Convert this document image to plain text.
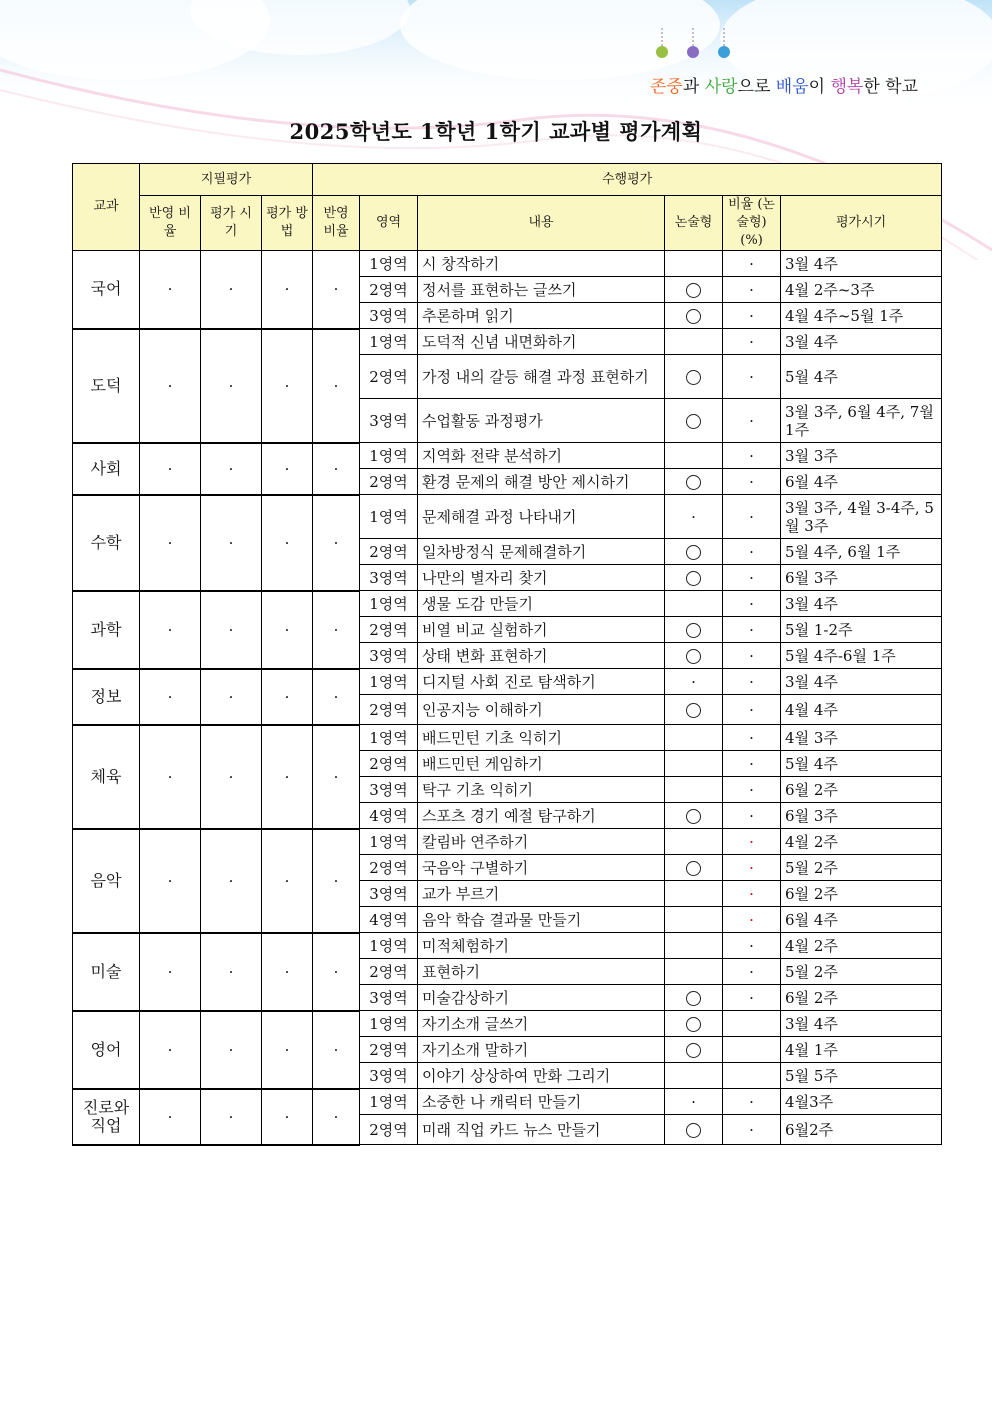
존중과 사랑으로 배움이 행복한 학교
2025학년도 1학년 1학기 교과별 평가계획
교과	지필평가			수행평가					
	반영 비율	평가 시기	평가 방법	반영 비율	영역	내용	논술형	비율 (논술형) (%)	평가시기
국어	·	·	·	·	1영역	시 창작하기		·	3월 4주
					2영역	정서를 표현하는 글쓰기		·	4월 2주~3주
					3영역	추론하며 읽기		·	4월 4주~5월 1주
도덕	·	·	·	·	1영역	도덕적 신념 내면화하기		·	3월 4주
					2영역	가정 내의 갈등 해결 과정 표현하기		·	5월 4주
					3영역	수업활동 과정평가		·	3월 3주, 6월 4주, 7월 1주
사회	·	·	·	·	1영역	지역화 전략 분석하기		·	3월 3주
					2영역	환경 문제의 해결 방안 제시하기		·	6월 4주
수학	·	·	·	·	1영역	문제해결 과정 나타내기	·	·	3월 3주, 4월 3-4주, 5월 3주
					2영역	일차방정식 문제해결하기		·	5월 4주, 6월 1주
					3영역	나만의 별자리 찾기		·	6월 3주
과학	·	·	·	·	1영역	생물 도감 만들기		·	3월 4주
					2영역	비열 비교 실험하기		·	5월 1-2주
					3영역	상태 변화 표현하기		·	5월 4주-6월 1주
정보	·	·	·	·	1영역	디지털 사회 진로 탐색하기	·	·	3월 4주
					2영역	인공지능 이해하기		·	4월 4주
체육	·	·	·	·	1영역	배드민턴 기초 익히기		·	4월 3주
					2영역	배드민턴 게임하기		·	5월 4주
					3영역	탁구 기초 익히기		·	6월 2주
					4영역	스포츠 경기 예절 탐구하기		·	6월 3주
음악	·	·	·	·	1영역	칼림바 연주하기		·	4월 2주
					2영역	국음악 구별하기		·	5월 2주
					3영역	교가 부르기		·	6월 2주
					4영역	음악 학습 결과물 만들기		·	6월 4주
미술	·	·	·	·	1영역	미적체험하기		·	4월 2주
					2영역	표현하기		·	5월 2주
					3영역	미술감상하기		·	6월 2주
영어	·	·	·	·	1영역	자기소개 글쓰기			3월 4주
					2영역	자기소개 말하기			4월 1주
					3영역	이야기 상상하여 만화 그리기			5월 5주
진로와 직업	·	·	·	·	1영역	소중한 나 캐릭터 만들기	·	·	4월3주
					2영역	미래 직업 카드 뉴스 만들기		·	6월2주
